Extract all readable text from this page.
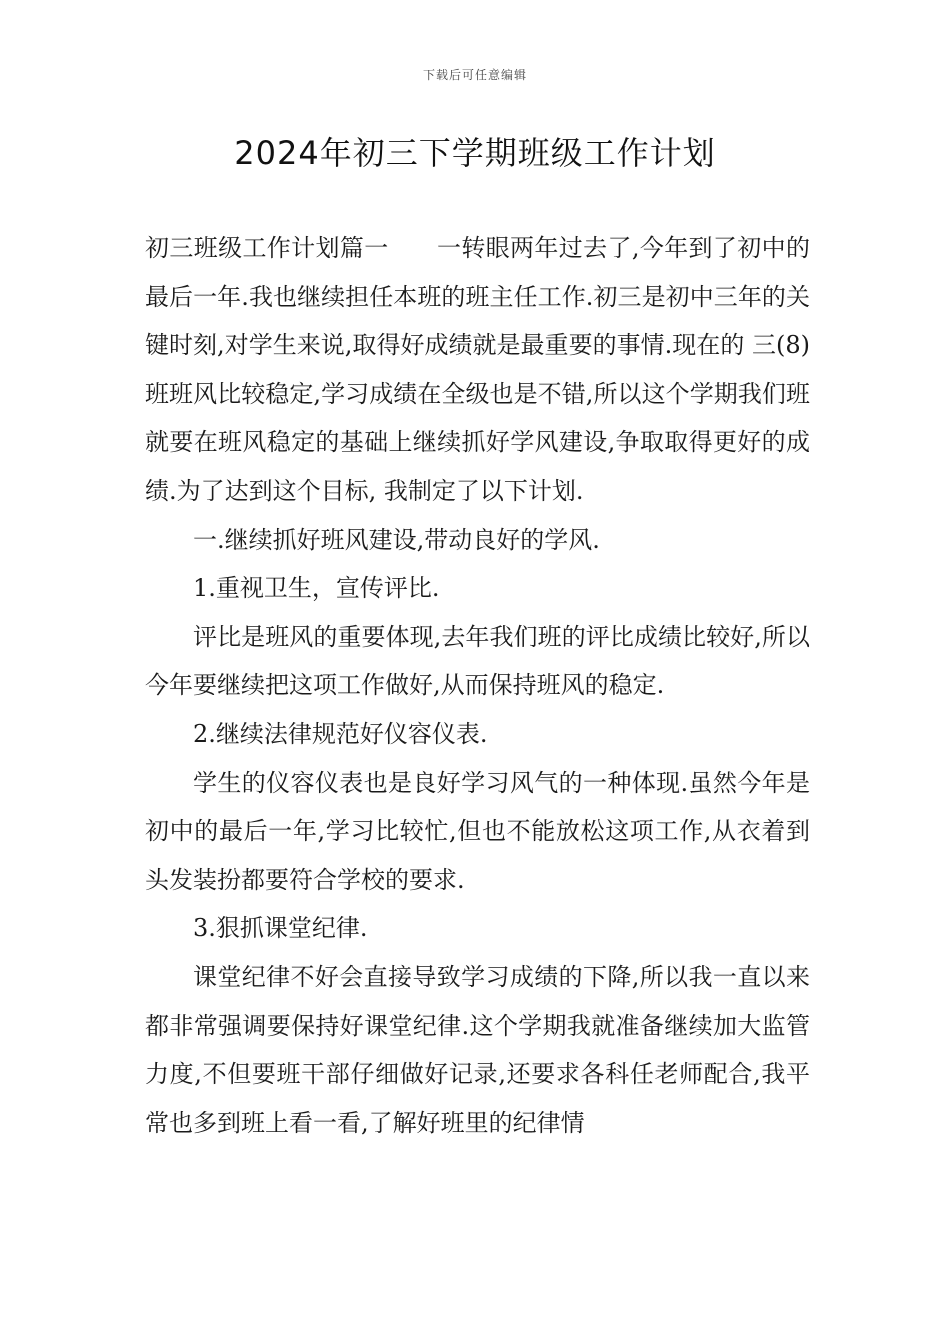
下载后可任意编辑
2024年初三下学期班级工作计划

初三班级工作计划篇一 一转眼两年过去了,今年到了初中的最后一年.我也继续担任本班的班主任工作.初三是初中三年的关键时刻,对学生来说,取得好成绩就是最重要的事情.现在的 三(8)班班风比较稳定,学习成绩在全级也是不错,所以这个学期我们班就要在班风稳定的基础上继续抓好学风建设,争取取得更好的成绩.为了达到这个目标, 我制定了以下计划.

一.继续抓好班风建设,带动良好的学风.

1.重视卫生，宣传评比.

评比是班风的重要体现,去年我们班的评比成绩比较好,所以今年要继续把这项工作做好,从而保持班风的稳定.

2.继续法律规范好仪容仪表.

学生的仪容仪表也是良好学习风气的一种体现.虽然今年是初中的最后一年,学习比较忙,但也不能放松这项工作,从衣着到头发装扮都要符合学校的要求.

3.狠抓课堂纪律.

课堂纪律不好会直接导致学习成绩的下降,所以我一直以来都非常强调要保持好课堂纪律.这个学期我就准备继续加大监管力度,不但要班干部仔细做好记录,还要求各科任老师配合,我平常也多到班上看一看,了解好班里的纪律情
